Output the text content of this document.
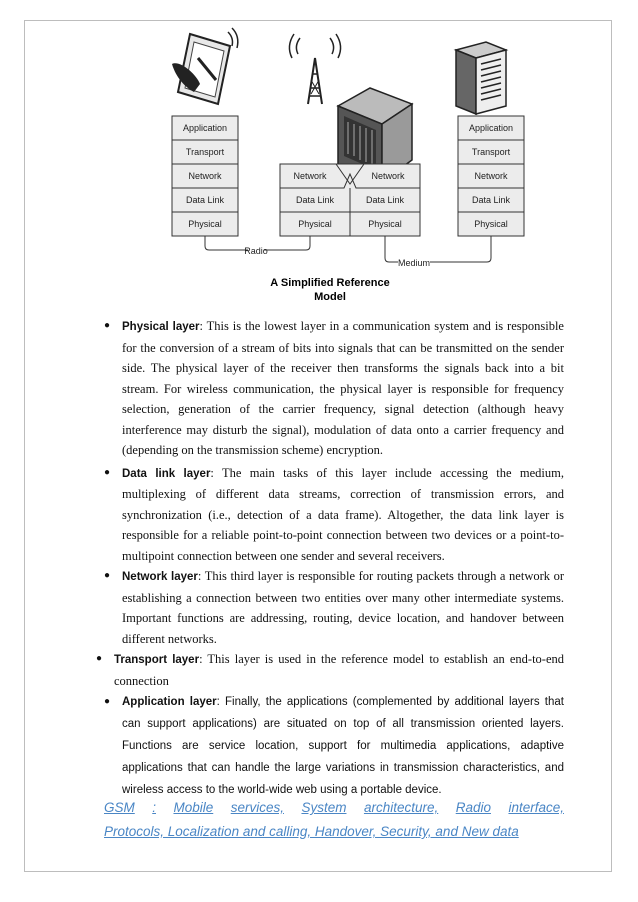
Application
Transport
Network
Data Link
Physical
Network	Network
Data Link	Data Link
Physical	Physical
Application
Transport
Network
Data Link
Physical
Radio
Medium
A Simplified Reference
Model
● Physical layer: This is the lowest layer in a communication system and is responsible for the conversion of a stream of bits into signals that can be transmitted on the sender side. The physical layer of the receiver then transforms the signals back into a bit stream. For wireless communication, the physical layer is responsible for frequency selection, generation of the carrier frequency, signal detection (although heavy interference may disturb the signal), modulation of data onto a carrier frequency and (depending on the transmission scheme) encryption.
● Data link layer: The main tasks of this layer include accessing the medium, multiplexing of different data streams, correction of transmission errors, and synchronization (i.e., detection of a data frame). Altogether, the data link layer is responsible for a reliable point-to-point connection between two devices or a point-to-multipoint connection between one sender and several receivers.
● Network layer: This third layer is responsible for routing packets through a network or establishing a connection between two entities over many other intermediate systems. Important functions are addressing, routing, device location, and handover between different networks.
● Transport layer: This layer is used in the reference model to establish an end-to-end connection
● Application layer: Finally, the applications (complemented by additional layers that can support applications) are situated on top of all transmission oriented layers. Functions are service location, support for multimedia applications, adaptive applications that can handle the large variations in transmission characteristics, and wireless access to the world-wide web using a portable device.
GSM : Mobile services, System architecture, Radio interface,
Protocols, Localization and calling, Handover, Security, and New data
